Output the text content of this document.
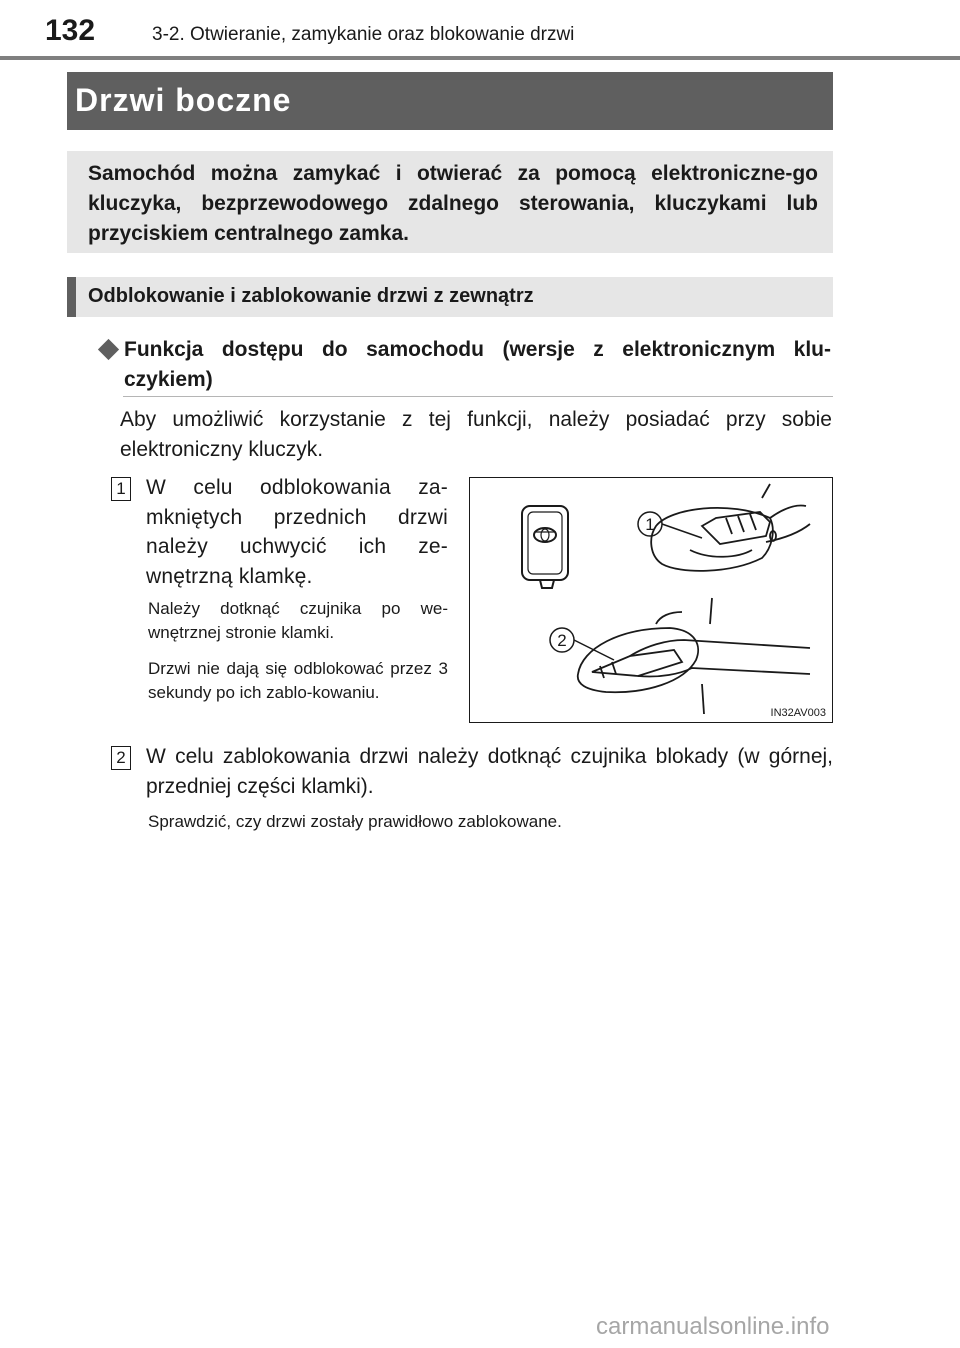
132	3-2. Otwieranie, zamykanie oraz blokowanie drzwi
Drzwi boczne

Samochód można zamykać i otwierać za pomocą elektroniczne-go kluczyka, bezprzewodowego zdalnego sterowania, kluczykami lub przyciskiem centralnego zamka.

Odblokowanie i zablokowanie drzwi z zewnątrz

Funkcja dostępu do samochodu (wersje z elektronicznym klu-czykiem)

Aby umożliwić korzystanie z tej funkcji, należy posiadać przy sobie elektroniczny kluczyk.

1 W celu odblokowania za-mkniętych przednich drzwi należy uchwycić ich ze-wnętrzną klamkę.

Należy dotknąć czujnika po we-wnętrznej stronie klamki.

Drzwi nie dają się odblokować przez 3 sekundy po ich zablo-kowaniu.

1
2
IN32AV003
2 W celu zablokowania drzwi należy dotknąć czujnika blokady (w górnej, przedniej części klamki).

Sprawdzić, czy drzwi zostały prawidłowo zablokowane.

carmanualsonline.info
